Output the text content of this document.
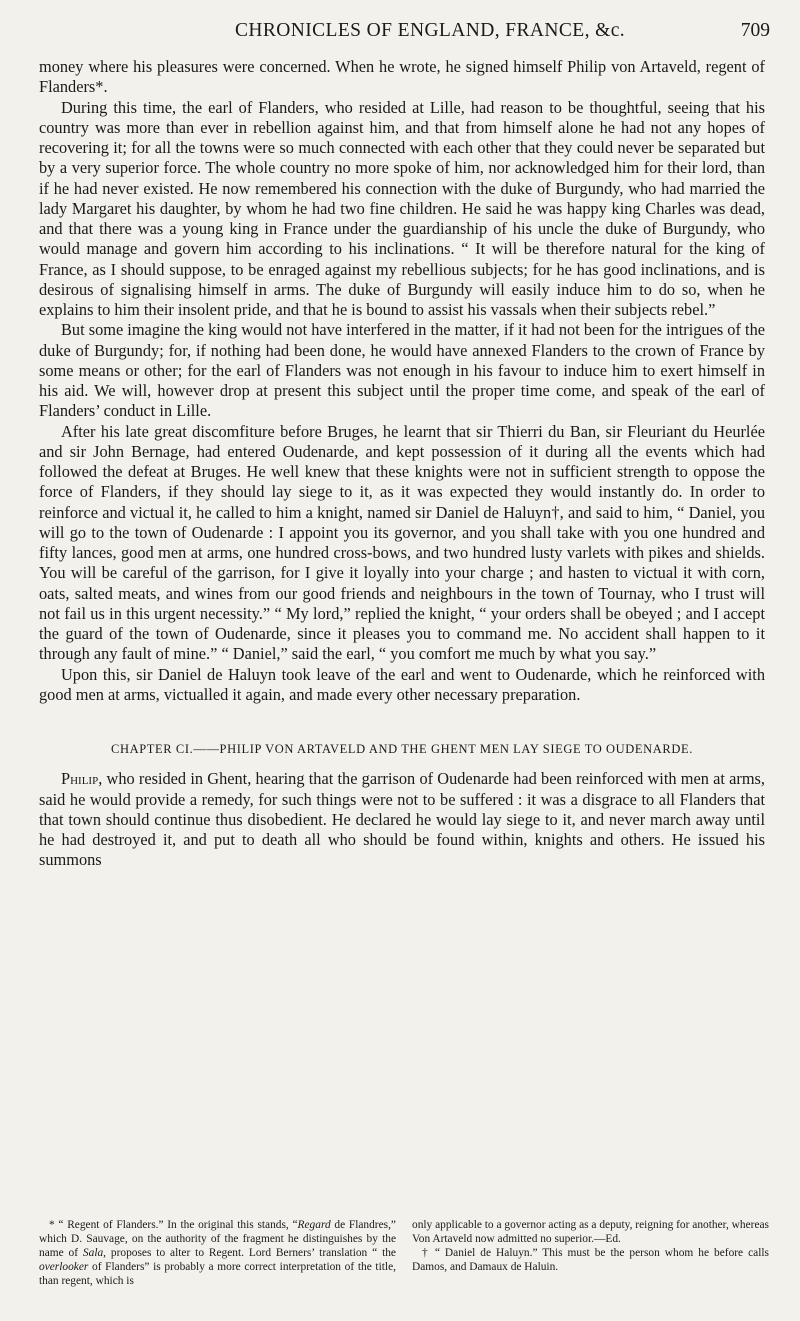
CHRONICLES OF ENGLAND, FRANCE, &c.	709

money where his pleasures were concerned. When he wrote, he signed himself Philip von Artaveld, regent of Flanders*.

During this time, the earl of Flanders, who resided at Lille, had reason to be thoughtful, seeing that his country was more than ever in rebellion against him, and that from himself alone he had not any hopes of recovering it; for all the towns were so much connected with each other that they could never be separated but by a very superior force. The whole country no more spoke of him, nor acknowledged him for their lord, than if he had never existed. He now remembered his connection with the duke of Burgundy, who had married the lady Margaret his daughter, by whom he had two fine children. He said he was happy king Charles was dead, and that there was a young king in France under the guardianship of his uncle the duke of Burgundy, who would manage and govern him according to his inclinations. “ It will be therefore natural for the king of France, as I should suppose, to be enraged against my rebellious subjects; for he has good inclinations, and is desirous of signalising himself in arms. The duke of Burgundy will easily induce him to do so, when he explains to him their insolent pride, and that he is bound to assist his vassals when their subjects rebel.”

But some imagine the king would not have interfered in the matter, if it had not been for the intrigues of the duke of Burgundy; for, if nothing had been done, he would have annexed Flanders to the crown of France by some means or other; for the earl of Flanders was not enough in his favour to induce him to exert himself in his aid. We will, however drop at present this subject until the proper time come, and speak of the earl of Flanders’ conduct in Lille.

After his late great discomfiture before Bruges, he learnt that sir Thierri du Ban, sir Fleuriant du Heurlée and sir John Bernage, had entered Oudenarde, and kept possession of it during all the events which had followed the defeat at Bruges. He well knew that these knights were not in sufficient strength to oppose the force of Flanders, if they should lay siege to it, as it was expected they would instantly do. In order to reinforce and victual it, he called to him a knight, named sir Daniel de Haluyn†, and said to him, “ Daniel, you will go to the town of Oudenarde : I appoint you its governor, and you shall take with you one hundred and fifty lances, good men at arms, one hundred cross-bows, and two hundred lusty varlets with pikes and shields. You will be careful of the garrison, for I give it loyally into your charge ; and hasten to victual it with corn, oats, salted meats, and wines from our good friends and neighbours in the town of Tournay, who I trust will not fail us in this urgent necessity.” “ My lord,” replied the knight, “ your orders shall be obeyed ; and I accept the guard of the town of Oudenarde, since it pleases you to command me. No accident shall happen to it through any fault of mine.” “ Daniel,” said the earl, “ you comfort me much by what you say.”

Upon this, sir Daniel de Haluyn took leave of the earl and went to Oudenarde, which he reinforced with good men at arms, victualled it again, and made every other necessary preparation.

CHAPTER CI.——PHILIP VON ARTAVELD AND THE GHENT MEN LAY SIEGE TO OUDENARDE.

Philip, who resided in Ghent, hearing that the garrison of Oudenarde had been reinforced with men at arms, said he would provide a remedy, for such things were not to be suffered : it was a disgrace to all Flanders that that town should continue thus disobedient. He declared he would lay siege to it, and never march away until he had destroyed it, and put to death all who should be found within, knights and others. He issued his summons

* “ Regent of Flanders.” In the original this stands, “Regard de Flandres,” which D. Sauvage, on the authority of the fragment he distinguishes by the name of Sala, proposes to alter to Regent. Lord Berners’ translation “ the overlooker of Flanders” is probably a more correct interpretation of the title, than regent, which is

only applicable to a governor acting as a deputy, reigning for another, whereas Von Artaveld now admitted no superior.—Ed.

† “ Daniel de Haluyn.” This must be the person whom he before calls Damos, and Damaux de Haluin.
